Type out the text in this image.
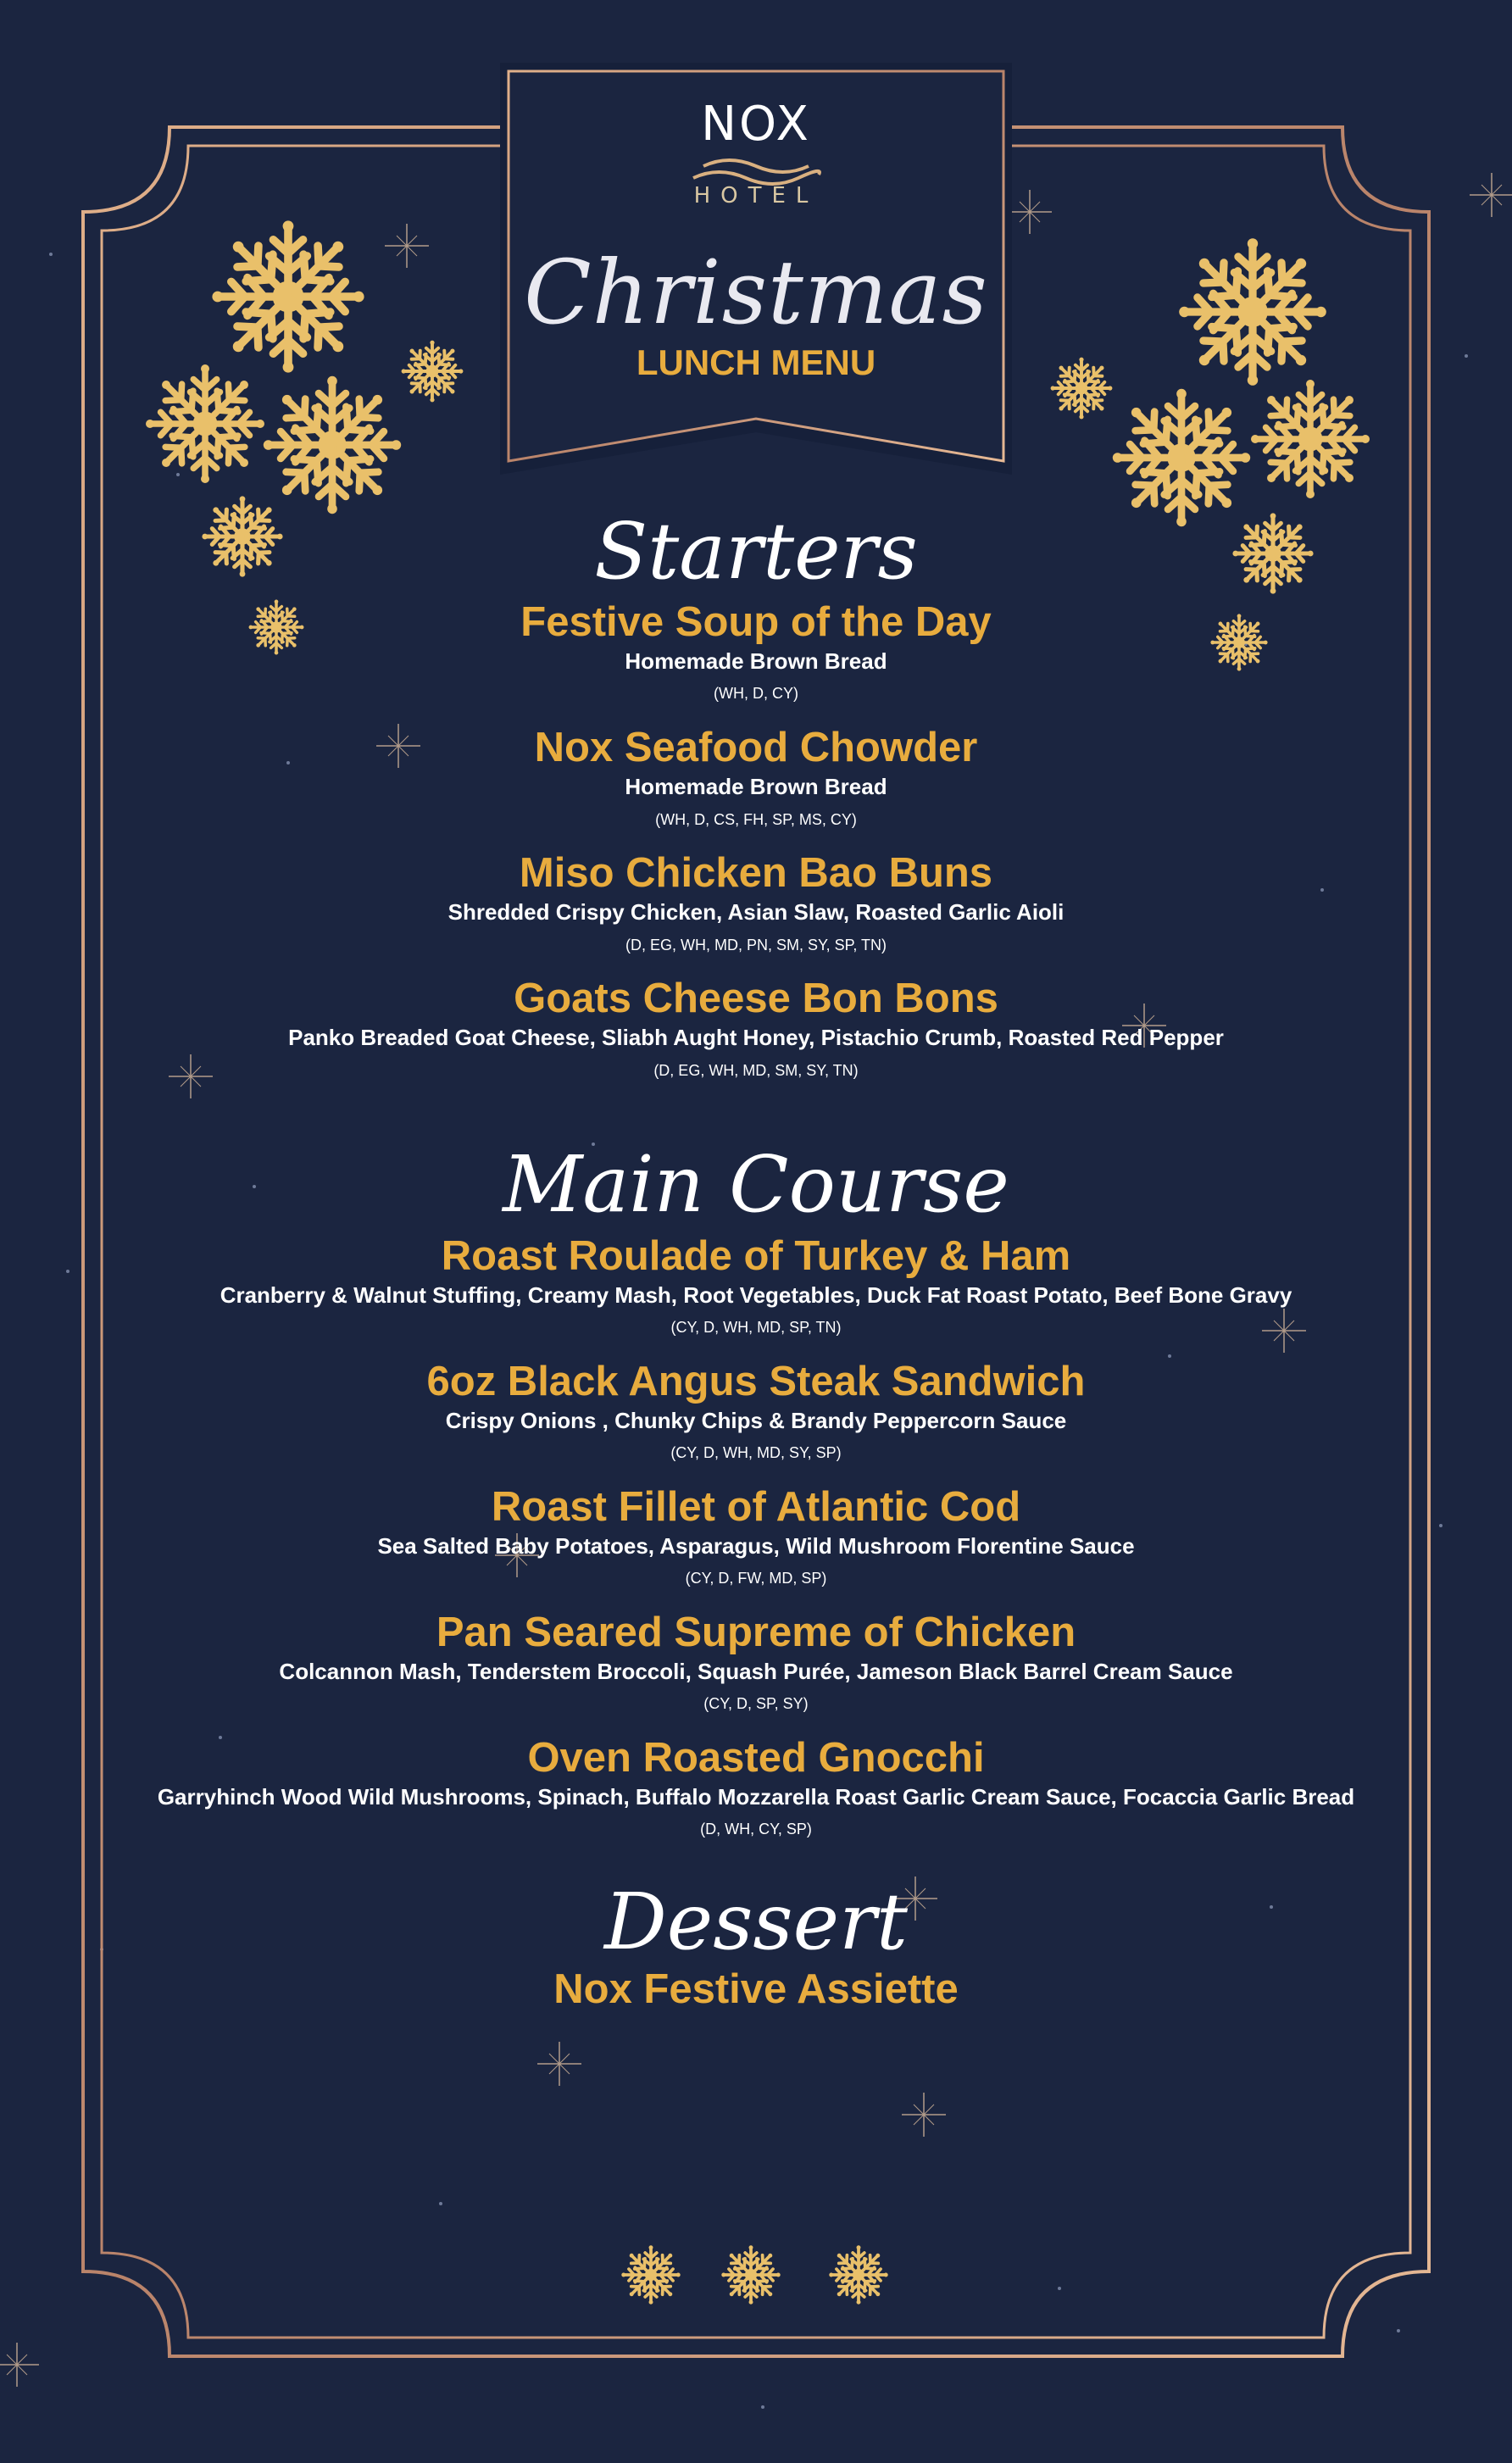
NOX
HOTEL
Christmas
LUNCH MENU
Starters
Festive Soup of the Day
Homemade Brown Bread
(WH, D, CY)
Nox Seafood Chowder
Homemade Brown Bread
(WH, D, CS, FH, SP, MS, CY)
Miso Chicken Bao Buns
Shredded Crispy Chicken, Asian Slaw, Roasted Garlic Aioli
(D, EG, WH, MD, PN, SM, SY, SP, TN)
Goats Cheese Bon Bons
Panko Breaded Goat Cheese, Sliabh Aught Honey, Pistachio Crumb, Roasted Red Pepper
(D, EG, WH, MD, SM, SY, TN)
Main Course
Roast Roulade of Turkey & Ham
Cranberry & Walnut Stuffing, Creamy Mash, Root Vegetables, Duck Fat Roast Potato, Beef Bone Gravy
(CY, D, WH, MD, SP, TN)
6oz Black Angus Steak Sandwich
Crispy Onions , Chunky Chips & Brandy Peppercorn Sauce
(CY, D, WH, MD, SY, SP)
Roast Fillet of Atlantic Cod
Sea Salted Baby Potatoes, Asparagus, Wild Mushroom Florentine Sauce
(CY, D, FW, MD, SP)
Pan Seared Supreme of Chicken
Colcannon Mash, Tenderstem Broccoli, Squash Purée, Jameson Black Barrel Cream Sauce
(CY, D, SP, SY)
Oven Roasted Gnocchi
Garryhinch Wood Wild Mushrooms, Spinach, Buffalo Mozzarella Roast Garlic Cream Sauce, Focaccia Garlic Bread
(D, WH, CY, SP)
Dessert
Nox Festive Assiette
